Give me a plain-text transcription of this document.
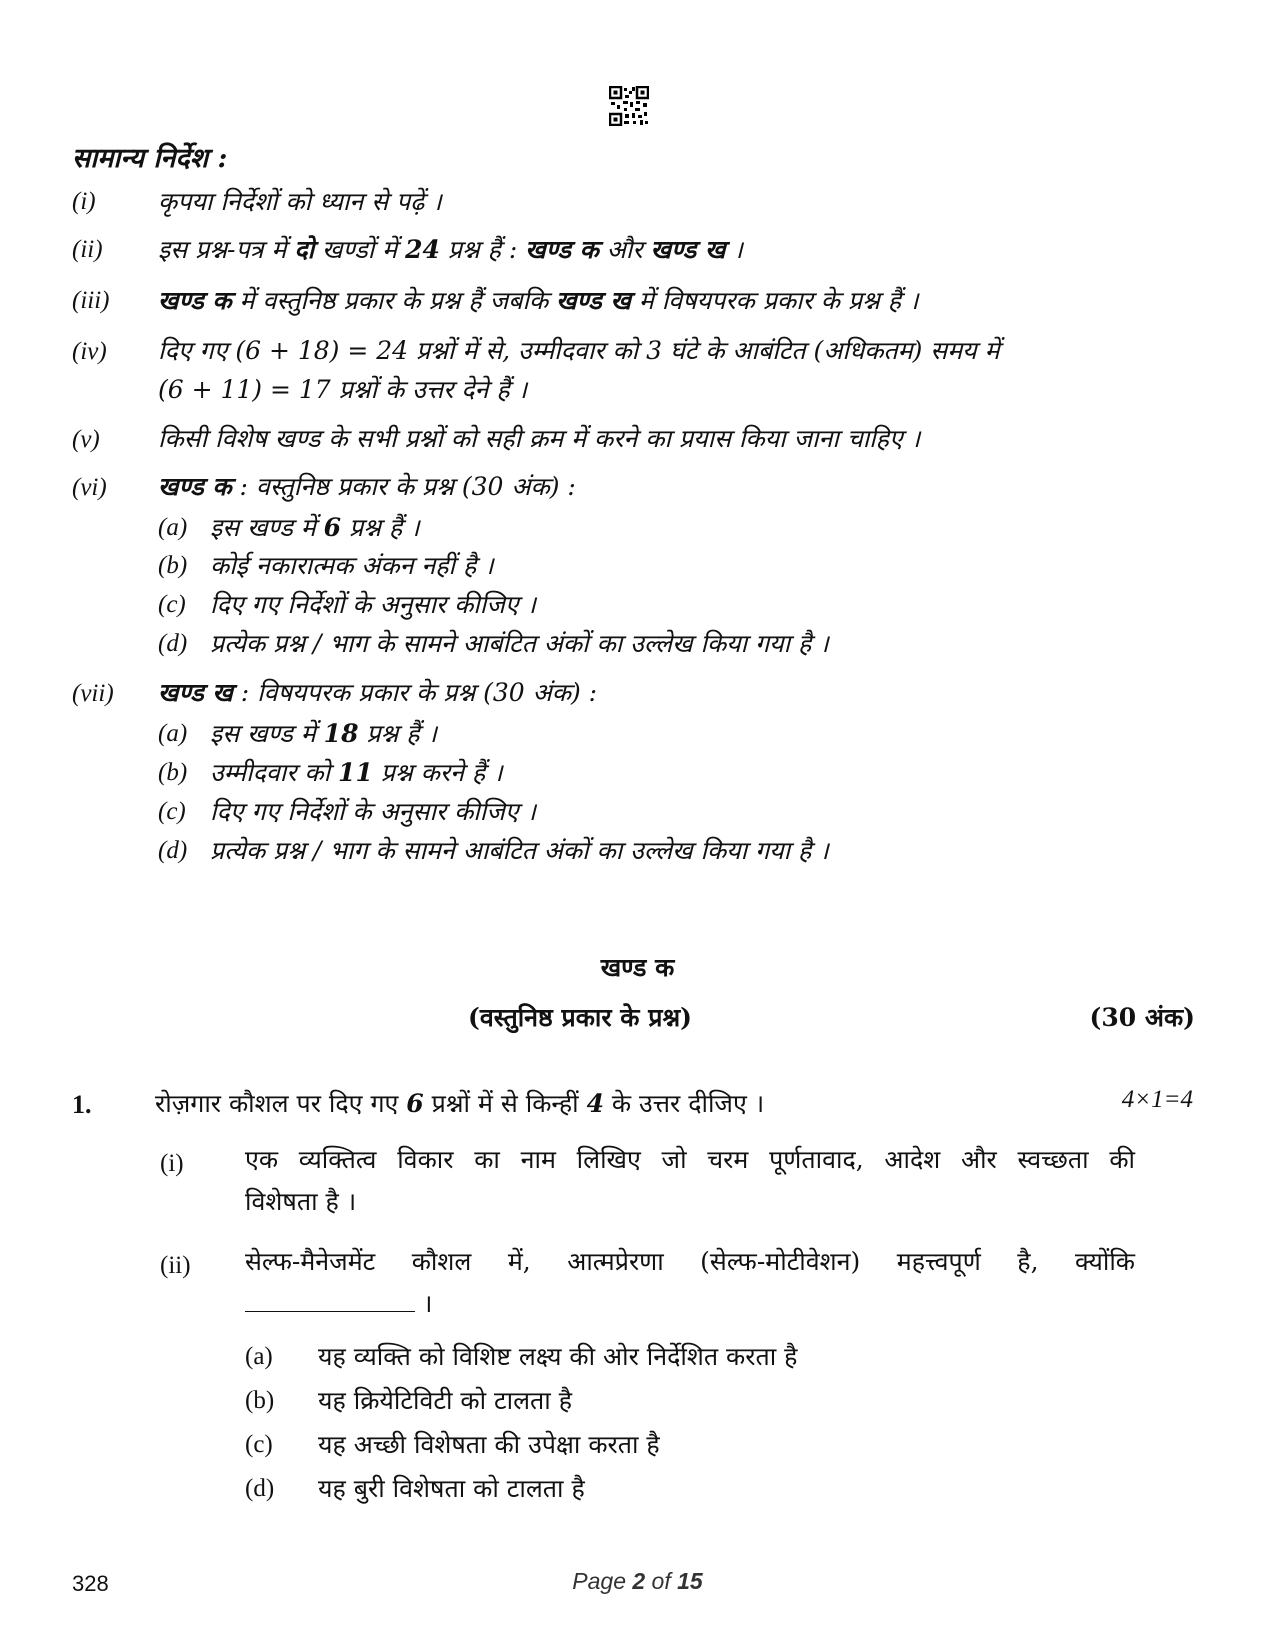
सामान्य निर्देश :
(i) कृपया निर्देशों को ध्यान से पढ़ें ।
(ii) इस प्रश्न-पत्र में दो खण्डों में 24 प्रश्न हैं : खण्ड क और खण्ड ख ।
(iii) खण्ड क में वस्तुनिष्ठ प्रकार के प्रश्न हैं जबकि खण्ड ख में विषयपरक प्रकार के प्रश्न हैं ।
(iv) दिए गए (6 + 18) = 24 प्रश्नों में से, उम्मीदवार को 3 घंटे के आबंटित (अधिकतम) समय में
(6 + 11) = 17 प्रश्नों के उत्तर देने हैं ।
(v) किसी विशेष खण्ड के सभी प्रश्नों को सही क्रम में करने का प्रयास किया जाना चाहिए ।
(vi) खण्ड क : वस्तुनिष्ठ प्रकार के प्रश्न (30 अंक) :
(a) इस खण्ड में 6 प्रश्न हैं ।
(b) कोई नकारात्मक अंकन नहीं है ।
(c) दिए गए निर्देशों के अनुसार कीजिए ।
(d) प्रत्येक प्रश्न / भाग के सामने आबंटित अंकों का उल्लेख किया गया है ।
(vii) खण्ड ख : विषयपरक प्रकार के प्रश्न (30 अंक) :
(a) इस खण्ड में 18 प्रश्न हैं ।
(b) उम्मीदवार को 11 प्रश्न करने हैं ।
(c) दिए गए निर्देशों के अनुसार कीजिए ।
(d) प्रत्येक प्रश्न / भाग के सामने आबंटित अंकों का उल्लेख किया गया है ।
खण्ड क
(वस्तुनिष्ठ प्रकार के प्रश्न)	(30 अंक)
1.	रोज़गार कौशल पर दिए गए 6 प्रश्नों में से किन्हीं 4 के उत्तर दीजिए ।	4×1=4
(i) एक व्यक्तित्व विकार का नाम लिखिए जो चरम पूर्णतावाद, आदेश और स्वच्छता की
विशेषता है ।
(ii) सेल्फ-मैनेजमेंट कौशल में, आत्मप्रेरणा (सेल्फ-मोटीवेशन) महत्त्वपूर्ण है, क्योंकि
।
(a) यह व्यक्ति को विशिष्ट लक्ष्य की ओर निर्देशित करता है
(b) यह क्रियेटिविटी को टालता है
(c) यह अच्छी विशेषता की उपेक्षा करता है
(d) यह बुरी विशेषता को टालता है
328	Page 2 of 15
